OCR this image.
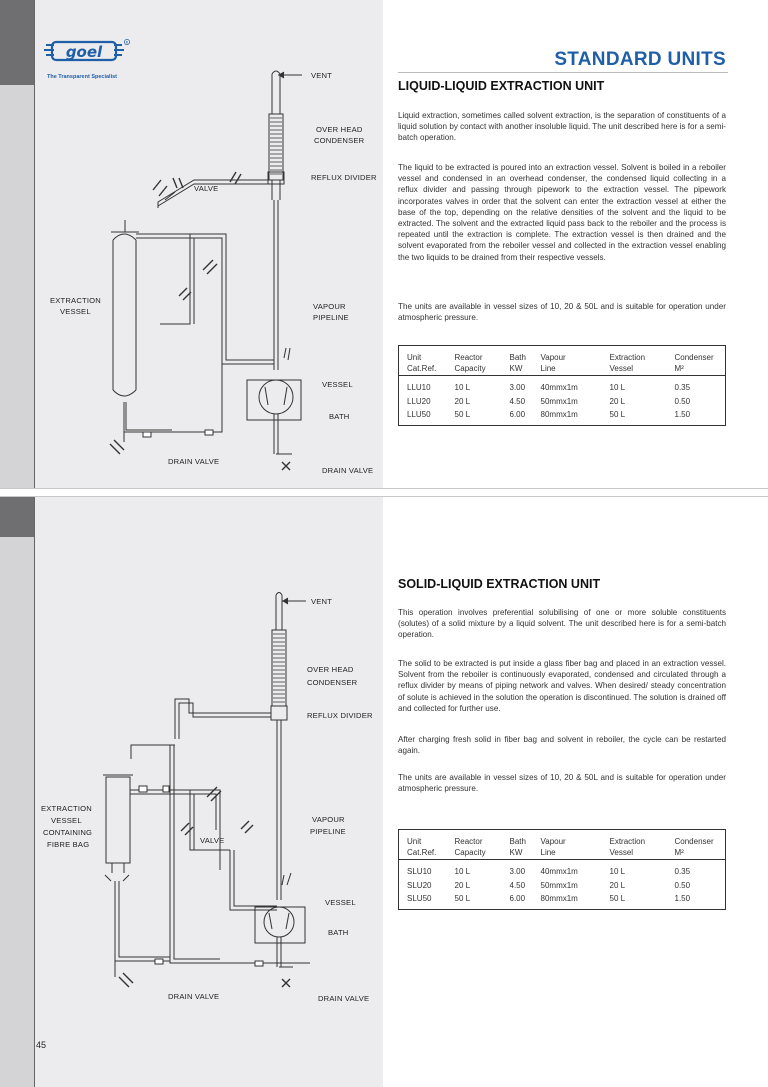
goel
R
The Transparent Specialist
STANDARD UNITS
LIQUID-LIQUID EXTRACTION UNIT
Liquid extraction, sometimes called solvent extraction, is the separation of constituents of a liquid solution by contact with another insoluble liquid. The unit described here is for a semi-batch operation.
The liquid to be extracted is poured into an extraction vessel. Solvent is boiled in a reboiler vessel and condensed in an overhead condenser, the condensed liquid collecting in a reflux divider and passing through pipework to the extraction vessel. The pipework incorporates valves in order that the solvent can enter the extraction vessel at either the base of the top, depending on the relative densities of the solvent and the liquid to be extracted. The solvent and the extracted liquid pass back to the reboiler and the process is repeated until the extraction is complete. The extraction vessel is then drained and the solvent evaporated from the reboiler vessel and collected in the extraction vessel enabling the two liquids to be drained from their respective vessels.
The units are available in vessel sizes of 10, 20 & 50L and is suitable for operation under atmospheric pressure.
Unit	Reactor	Bath	Vapour	Extraction	Condenser
Cat.Ref.	Capacity	KW	Line	Vessel	M²

LLU10	10 L	3.00	40mmx1m	10 L	0.35
LLU20	20 L	4.50	50mmx1m	20 L	0.50
LLU50	50 L	6.00	80mmx1m	50 L	1.50
SOLID-LIQUID EXTRACTION UNIT
This operation involves preferential solubilising of one or more soluble constituents (solutes) of a solid mixture by a liquid solvent. The unit described here is for a semi-batch operation.
The solid to be extracted is put inside a glass fiber bag and placed in an extraction vessel. Solvent from the reboiler is continuously evaporated, condensed and circulated through a reflux divider by means of piping network and valves. When desired/ steady concentration of solute is achieved in the solution the operation is discontinued. The solution is drained off and collected for further use.
After charging fresh solid in fiber bag and solvent in reboiler, the cycle can be restarted again.
The units are available in vessel sizes of 10, 20 & 50L and is suitable for operation under atmospheric pressure.
Unit	Reactor	Bath	Vapour	Extraction	Condenser
Cat.Ref.	Capacity	KW	Line	Vessel	M²

SLU10	10 L	3.00	40mmx1m	10 L	0.35
SLU20	20 L	4.50	50mmx1m	20 L	0.50
SLU50	50 L	6.00	80mmx1m	50 L	1.50
VENT
OVER HEAD
CONDENSER
REFLUX DIVIDER
VALVE
EXTRACTION
VESSEL
VAPOUR
PIPELINE
VESSEL
BATH
DRAIN VALVE
DRAIN VALVE
VENT
OVER HEAD
CONDENSER
REFLUX DIVIDER
EXTRACTION
VESSEL
CONTAINING
FIBRE BAG	VALVE
VAPOUR
PIPELINE
VESSEL
BATH
DRAIN VALVE	DRAIN VALVE
45
